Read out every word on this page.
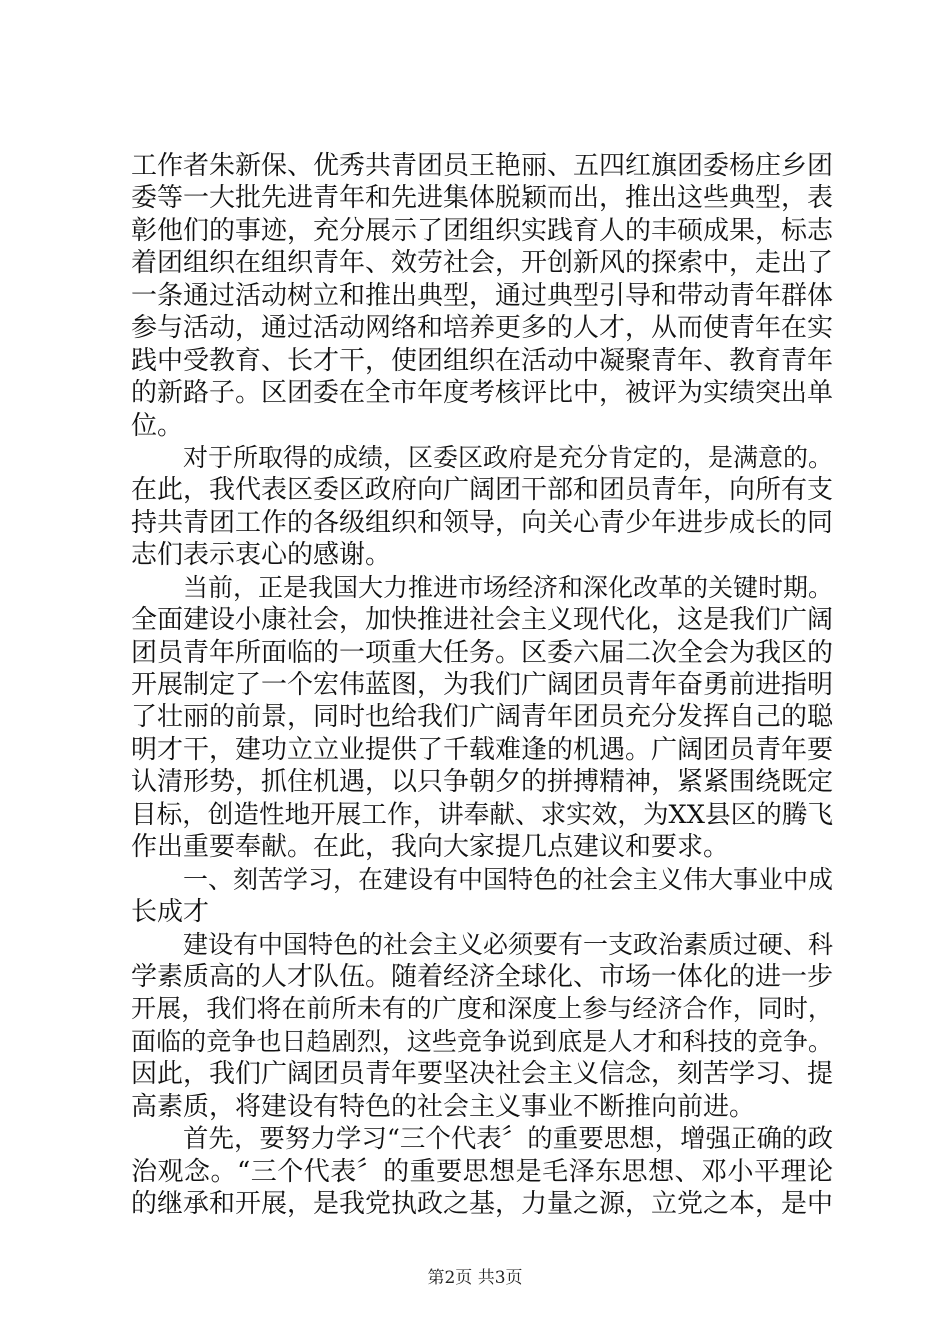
工作者朱新保、优秀共青团员王艳丽、五四红旗团委杨庄乡团
委等一大批先进青年和先进集体脱颖而出，推出这些典型，表
彰他们的事迹，充分展示了团组织实践育人的丰硕成果，标志
着团组织在组织青年、效劳社会，开创新风的探索中，走出了
一条通过活动树立和推出典型，通过典型引导和带动青年群体
参与活动，通过活动网络和培养更多的人才，从而使青年在实
践中受教育、长才干，使团组织在活动中凝聚青年、教育青年
的新路子。区团委在全市年度考核评比中，被评为实绩突出单
位。
对于所取得的成绩，区委区政府是充分肯定的，是满意的。
在此，我代表区委区政府向广阔团干部和团员青年，向所有支
持共青团工作的各级组织和领导，向关心青少年进步成长的同
志们表示衷心的感谢。
当前，正是我国大力推进市场经济和深化改革的关键时期。
全面建设小康社会，加快推进社会主义现代化，这是我们广阔
团员青年所面临的一项重大任务。区委六届二次全会为我区的
开展制定了一个宏伟蓝图，为我们广阔团员青年奋勇前进指明
了壮丽的前景，同时也给我们广阔青年团员充分发挥自己的聪
明才干，建功立立业提供了千载难逢的机遇。广阔团员青年要
认清形势，抓住机遇，以只争朝夕的拼搏精神，紧紧围绕既定
目标，创造性地开展工作，讲奉献、求实效，为XX县区的腾飞
作出重要奉献。在此，我向大家提几点建议和要求。
一、刻苦学习，在建设有中国特色的社会主义伟大事业中成
长成才
建设有中国特色的社会主义必须要有一支政治素质过硬、科
学素质高的人才队伍。随着经济全球化、市场一体化的进一步
开展，我们将在前所未有的广度和深度上参与经济合作，同时，
面临的竞争也日趋剧烈，这些竞争说到底是人才和科技的竞争。
因此，我们广阔团员青年要坚决社会主义信念，刻苦学习、提
高素质，将建设有特色的社会主义事业不断推向前进。
首先，要努力学习“三个代表〞的重要思想，增强正确的政
治观念。“三个代表〞的重要思想是毛泽东思想、邓小平理论
的继承和开展，是我党执政之基，力量之源，立党之本，是中
第2页 共3页
